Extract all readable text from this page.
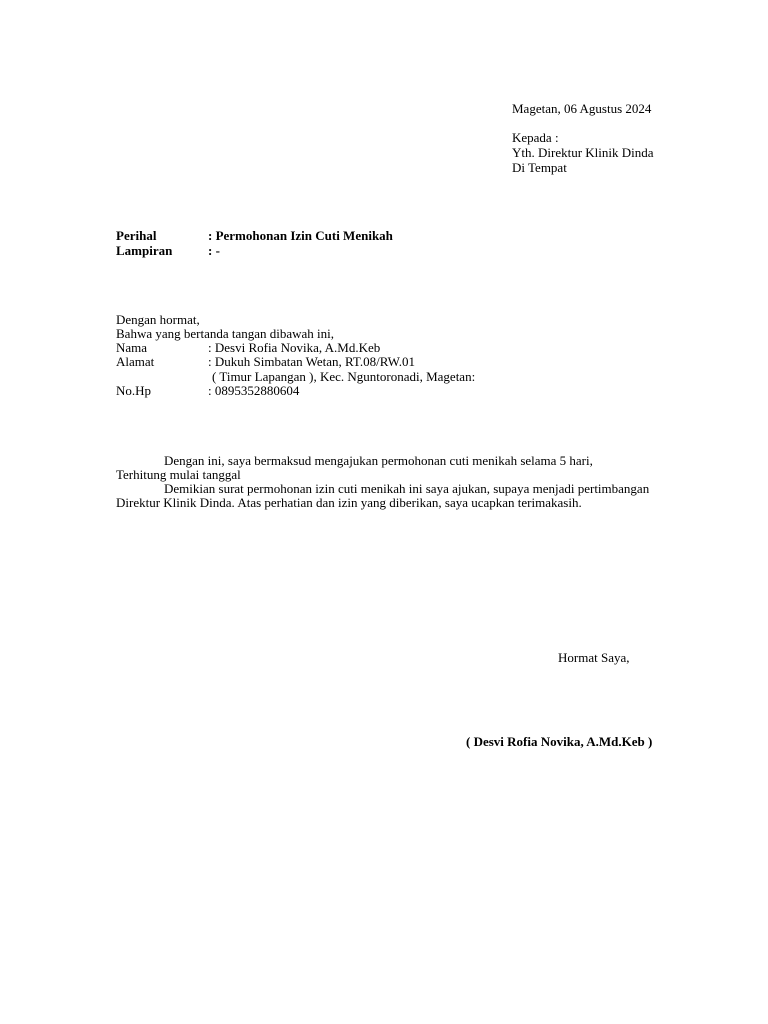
Magetan, 06 Agustus 2024
Kepada :
Yth. Direktur Klinik Dinda
Di Tempat
Perihal	: Permohonan Izin Cuti Menikah
Lampiran	: -
Dengan hormat,
Bahwa yang bertanda tangan dibawah ini,
Nama	: Desvi Rofia Novika, A.Md.Keb
Alamat	: Dukuh Simbatan Wetan, RT.08/RW.01
( Timur Lapangan ), Kec. Nguntoronadi, Magetan:
No.Hp	: 0895352880604
Dengan ini, saya bermaksud mengajukan permohonan cuti menikah selama 5 hari,
Terhitung mulai tanggal
Demikian surat permohonan izin cuti menikah ini saya ajukan, supaya menjadi pertimbangan
Direktur Klinik Dinda. Atas perhatian dan izin yang diberikan, saya ucapkan terimakasih.
Hormat Saya,
( Desvi Rofia Novika, A.Md.Keb )
